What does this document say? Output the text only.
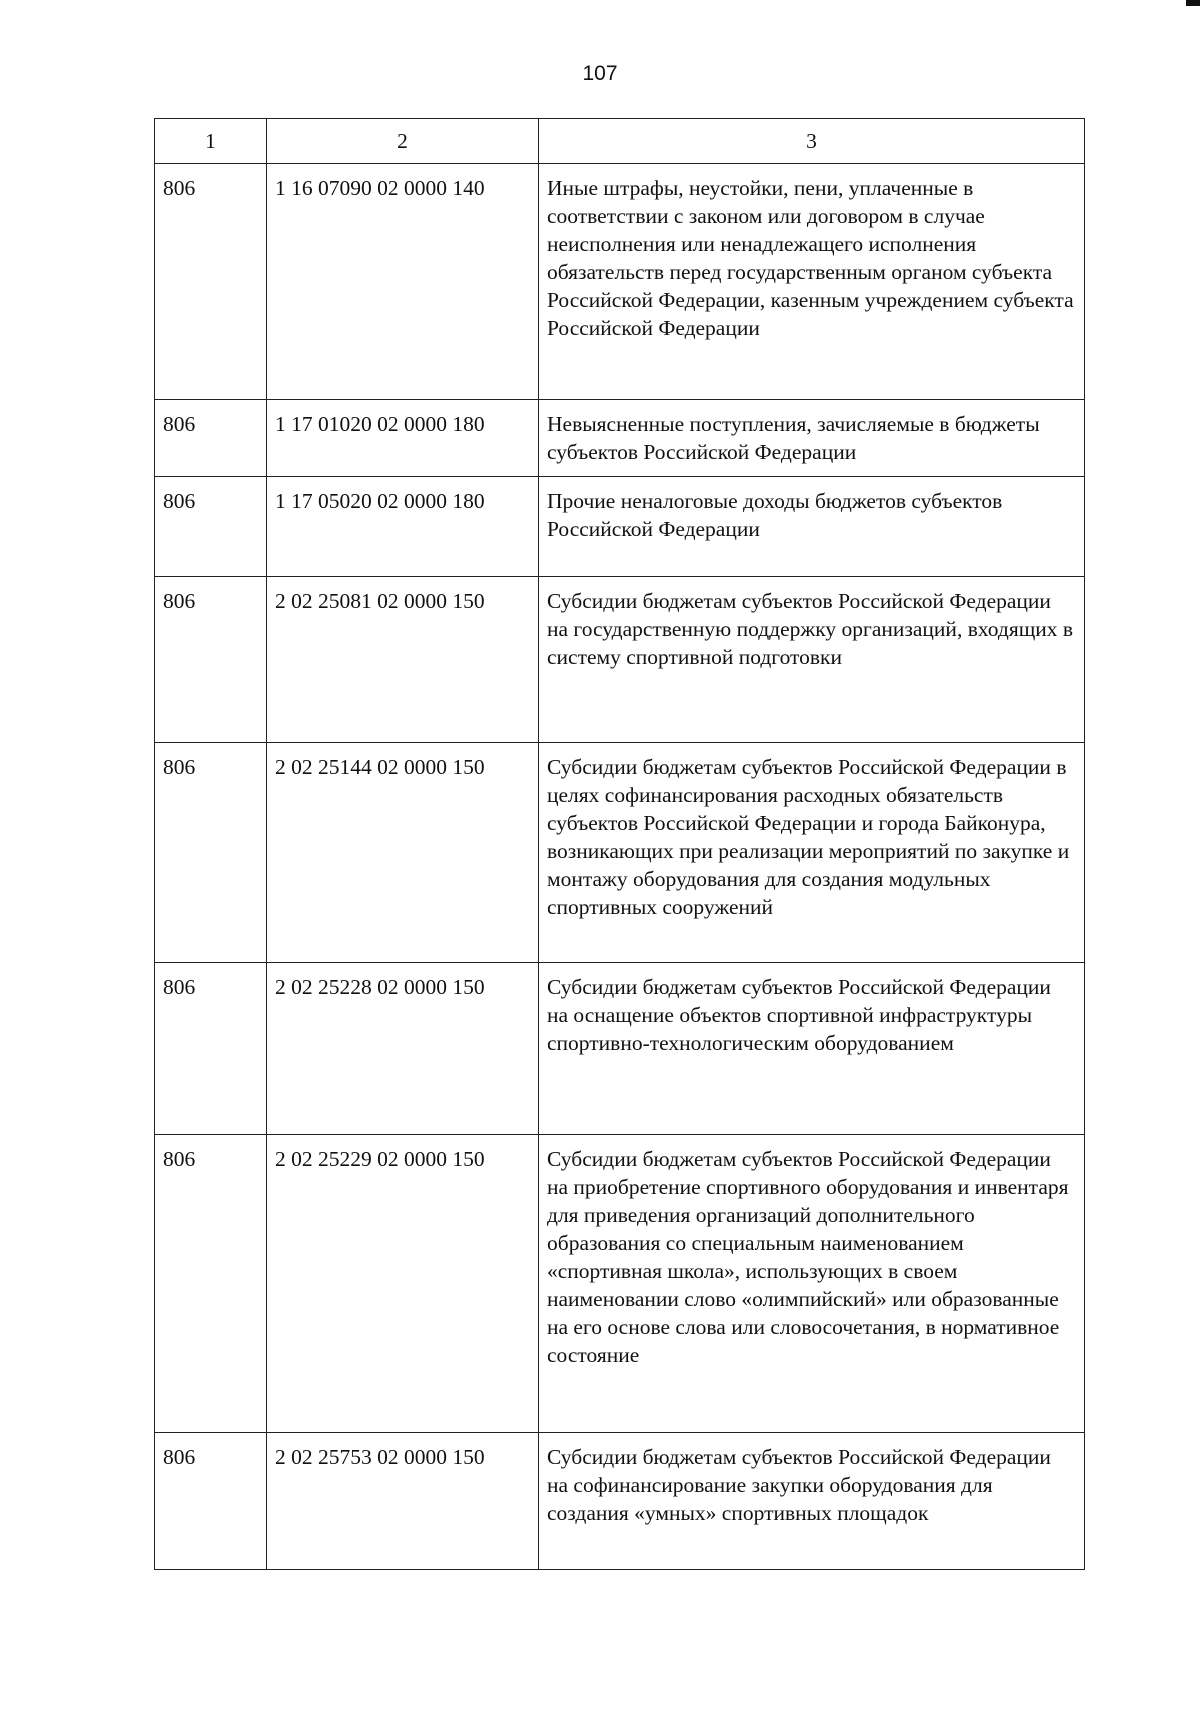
107
1	2	3
806	1 16 07090 02 0000 140	Иные штрафы, неустойки, пени, уплаченные в соответствии с законом или договором в случае неисполнения или ненадлежащего исполнения обязательств перед государственным органом субъекта Российской Федерации, казенным учреждением субъекта Российской Федерации
806	1 17 01020 02 0000 180	Невыясненные поступления, зачисляемые в бюджеты субъектов Российской Федерации
806	1 17 05020 02 0000 180	Прочие неналоговые доходы бюджетов субъектов Российской Федерации
806	2 02 25081 02 0000 150	Субсидии бюджетам субъектов Российской Федерации на государственную поддержку организаций, входящих в систему спортивной подготовки
806	2 02 25144 02 0000 150	Субсидии бюджетам субъектов Российской Федерации в целях софинансирования расходных обязательств субъектов Российской Федерации и города Байконура, возникающих при реализации мероприятий по закупке и монтажу оборудования для создания модульных спортивных сооружений
806	2 02 25228 02 0000 150	Субсидии бюджетам субъектов Российской Федерации на оснащение объектов спортивной инфраструктуры спортивно-технологическим оборудованием
806	2 02 25229 02 0000 150	Субсидии бюджетам субъектов Российской Федерации на приобретение спортивного оборудования и инвентаря для приведения организаций дополнительного образования со специальным наименованием «спортивная школа», использующих в своем наименовании слово «олимпийский» или образованные на его основе слова или словосочетания, в нормативное состояние
806	2 02 25753 02 0000 150	Субсидии бюджетам субъектов Российской Федерации на софинансирование закупки оборудования для создания «умных» спортивных площадок
